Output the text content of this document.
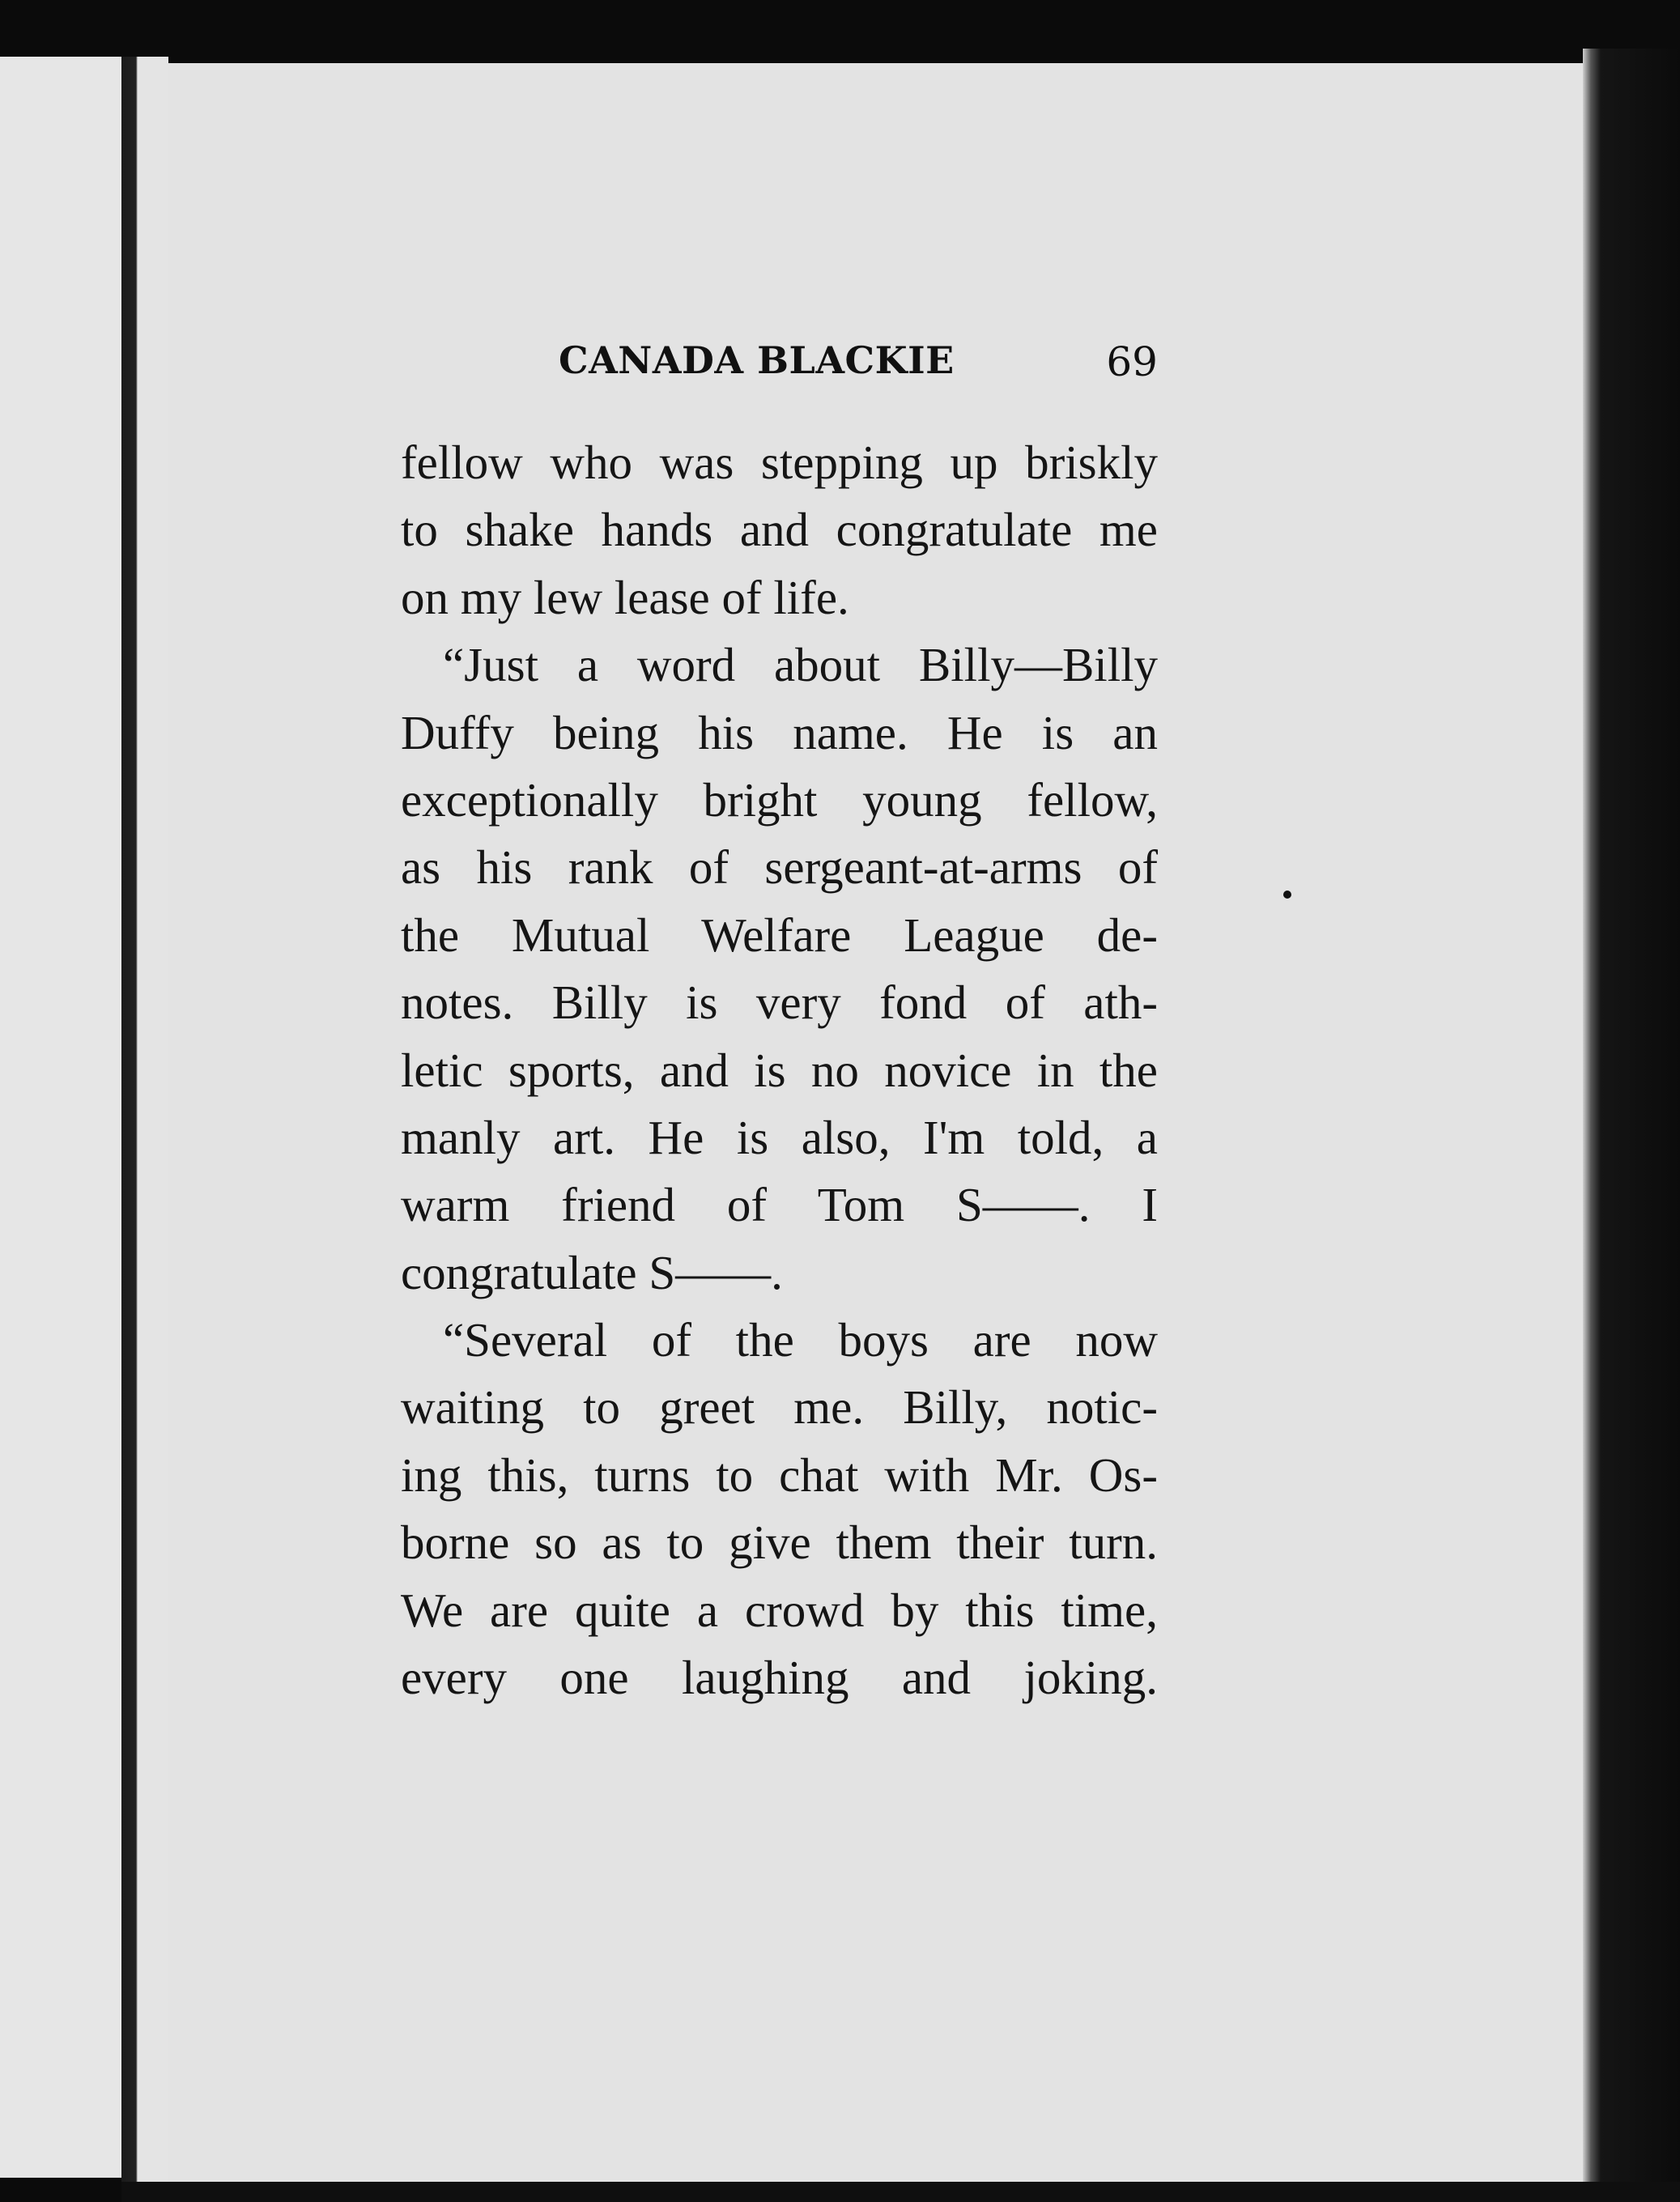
CANADA BLACKIE	69
fellow who was stepping up briskly
to shake hands and congratulate me
on my lew lease of life.
“Just a word about Billy—Billy
Duffy being his name. He is an
exceptionally bright young fellow,
as his rank of sergeant-at-arms of
the Mutual Welfare League de-
notes. Billy is very fond of ath-
letic sports, and is no novice in the
manly art. He is also, I'm told, a
warm friend of Tom S——. I
congratulate S——.
“Several of the boys are now
waiting to greet me. Billy, notic-
ing this, turns to chat with Mr. Os-
borne so as to give them their turn.
We are quite a crowd by this time,
every one laughing and joking.
